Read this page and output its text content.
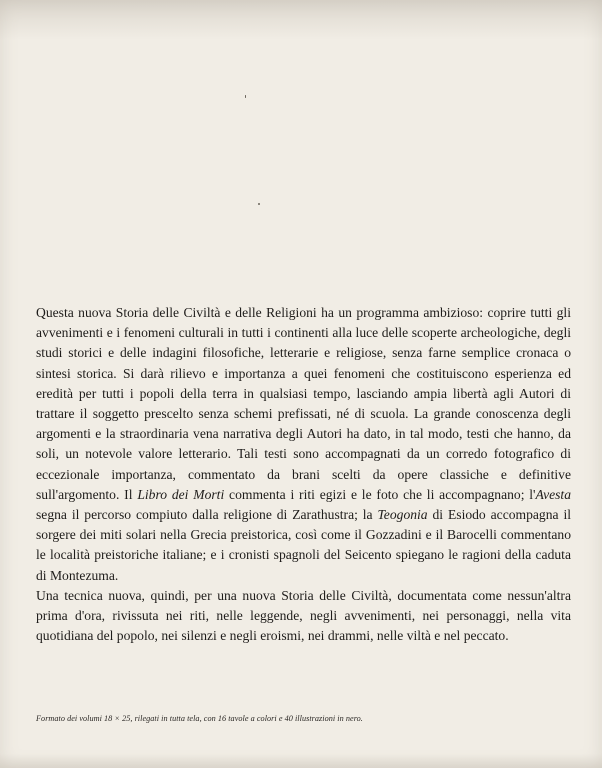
Questa nuova Storia delle Civiltà e delle Religioni ha un programma ambizioso: coprire tutti gli avvenimenti e i fenomeni culturali in tutti i continenti alla luce delle scoperte archeologiche, degli studi storici e delle indagini filosofiche, letterarie e religiose, senza farne semplice cronaca o sintesi storica. Si darà rilievo e importanza a quei fenomeni che costituiscono esperienza ed eredità per tutti i popoli della terra in qualsiasi tempo, lasciando ampia libertà agli Autori di trattare il soggetto prescelto senza schemi prefissati, né di scuola. La grande conoscenza degli argomenti e la straordinaria vena narrativa degli Autori ha dato, in tal modo, testi che hanno, da soli, un notevole valore letterario. Tali testi sono accompagnati da un corredo fotografico di eccezionale importanza, commentato da brani scelti da opere classiche e definitive sull'argomento. Il Libro dei Morti commenta i riti egizi e le foto che li accompagnano; l'Avesta segna il percorso compiuto dalla religione di Zarathustra; la Teogonia di Esiodo accompagna il sorgere dei miti solari nella Grecia preistorica, così come il Gozzadini e il Barocelli commentano le località preistoriche italiane; e i cronisti spagnoli del Seicento spiegano le ragioni della caduta di Montezuma.

Una tecnica nuova, quindi, per una nuova Storia delle Civiltà, documentata come nessun'altra prima d'ora, rivissuta nei riti, nelle leggende, negli avvenimenti, nei personaggi, nella vita quotidiana del popolo, nei silenzi e negli eroismi, nei drammi, nelle viltà e nel peccato.

Formato dei volumi 18 × 25, rilegati in tutta tela, con 16 tavole a colori e 40 illustrazioni in nero.
